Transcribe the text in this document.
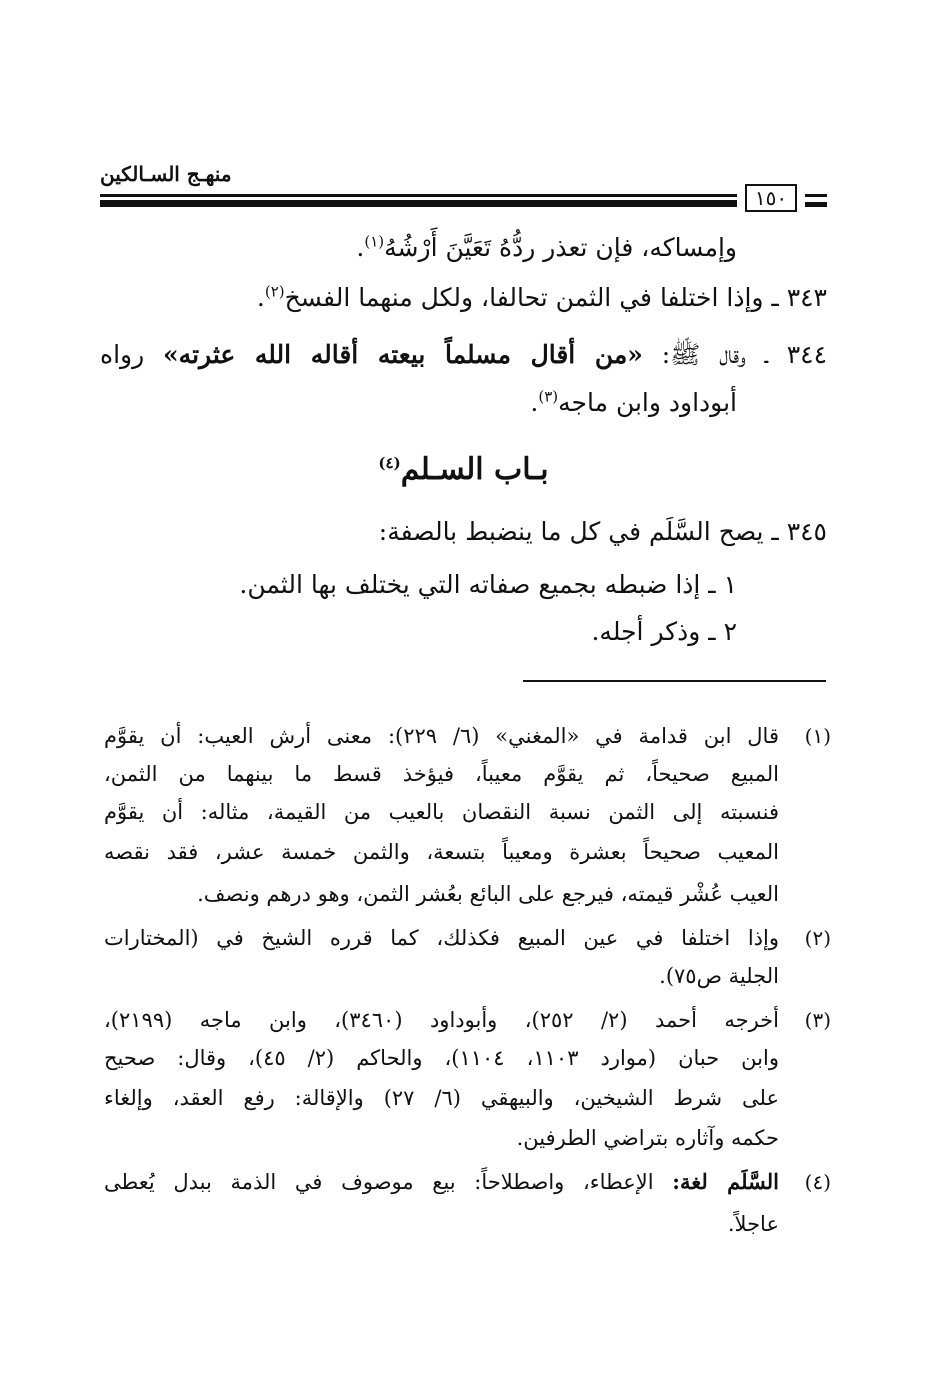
منهـج السـالكين
١٥٠
وإمساكه، فإن تعذر ردُّهُ تَعَيَّنَ أَرْشُهُ$^{(١)}$.
٣٤٣ ـ وإذا اختلفا في الثمن تحالفا، ولكل منهما الفسخ$^{(٢)}$.
٣٤٤ ـ وقال ﷺ: «من أقال مسلماً بيعته أقاله الله عثرته» رواه
أبوداود وابن ماجه$^{(٣)}$.
٣٤٥ ـ يصح السَّلَم في كل ما ينضبط بالصفة:
١ ـ إذا ضبطه بجميع صفاته التي يختلف بها الثمن.
٢ ـ وذكر أجله.
بـاب السـلم$^{(٤)}$
(١)
قال ابن قدامة في «المغني» (٦/ ٢٢٩): معنى أرش العيب: أن يقوَّم
المبيع صحيحاً، ثم يقوَّم معيباً، فيؤخذ قسط ما بينهما من الثمن،
فنسبته إلى الثمن نسبة النقصان بالعيب من القيمة، مثاله: أن يقوَّم
المعيب صحيحاً بعشرة ومعيباً بتسعة، والثمن خمسة عشر، فقد نقصه
العيب عُشْر قيمته، فيرجع على البائع بعُشر الثمن، وهو درهم ونصف.
(٢)
وإذا اختلفا في عين المبيع فكذلك، كما قرره الشيخ في (المختارات
الجلية ص٧٥).
(٣)
أخرجه أحمد (٢/ ٢٥٢)، وأبوداود (٣٤٦٠)، وابن ماجه (٢١٩٩)،
وابن حبان (موارد ١١٠٣، ١١٠٤)، والحاكم (٢/ ٤٥)، وقال: صحيح
على شرط الشيخين، والبيهقي (٦/ ٢٧) والإقالة: رفع العقد، وإلغاء
حكمه وآثاره بتراضي الطرفين.
(٤)
السَّلَم لغة: الإعطاء، واصطلاحاً: بيع موصوف في الذمة ببدل يُعطى
عاجلاً.
